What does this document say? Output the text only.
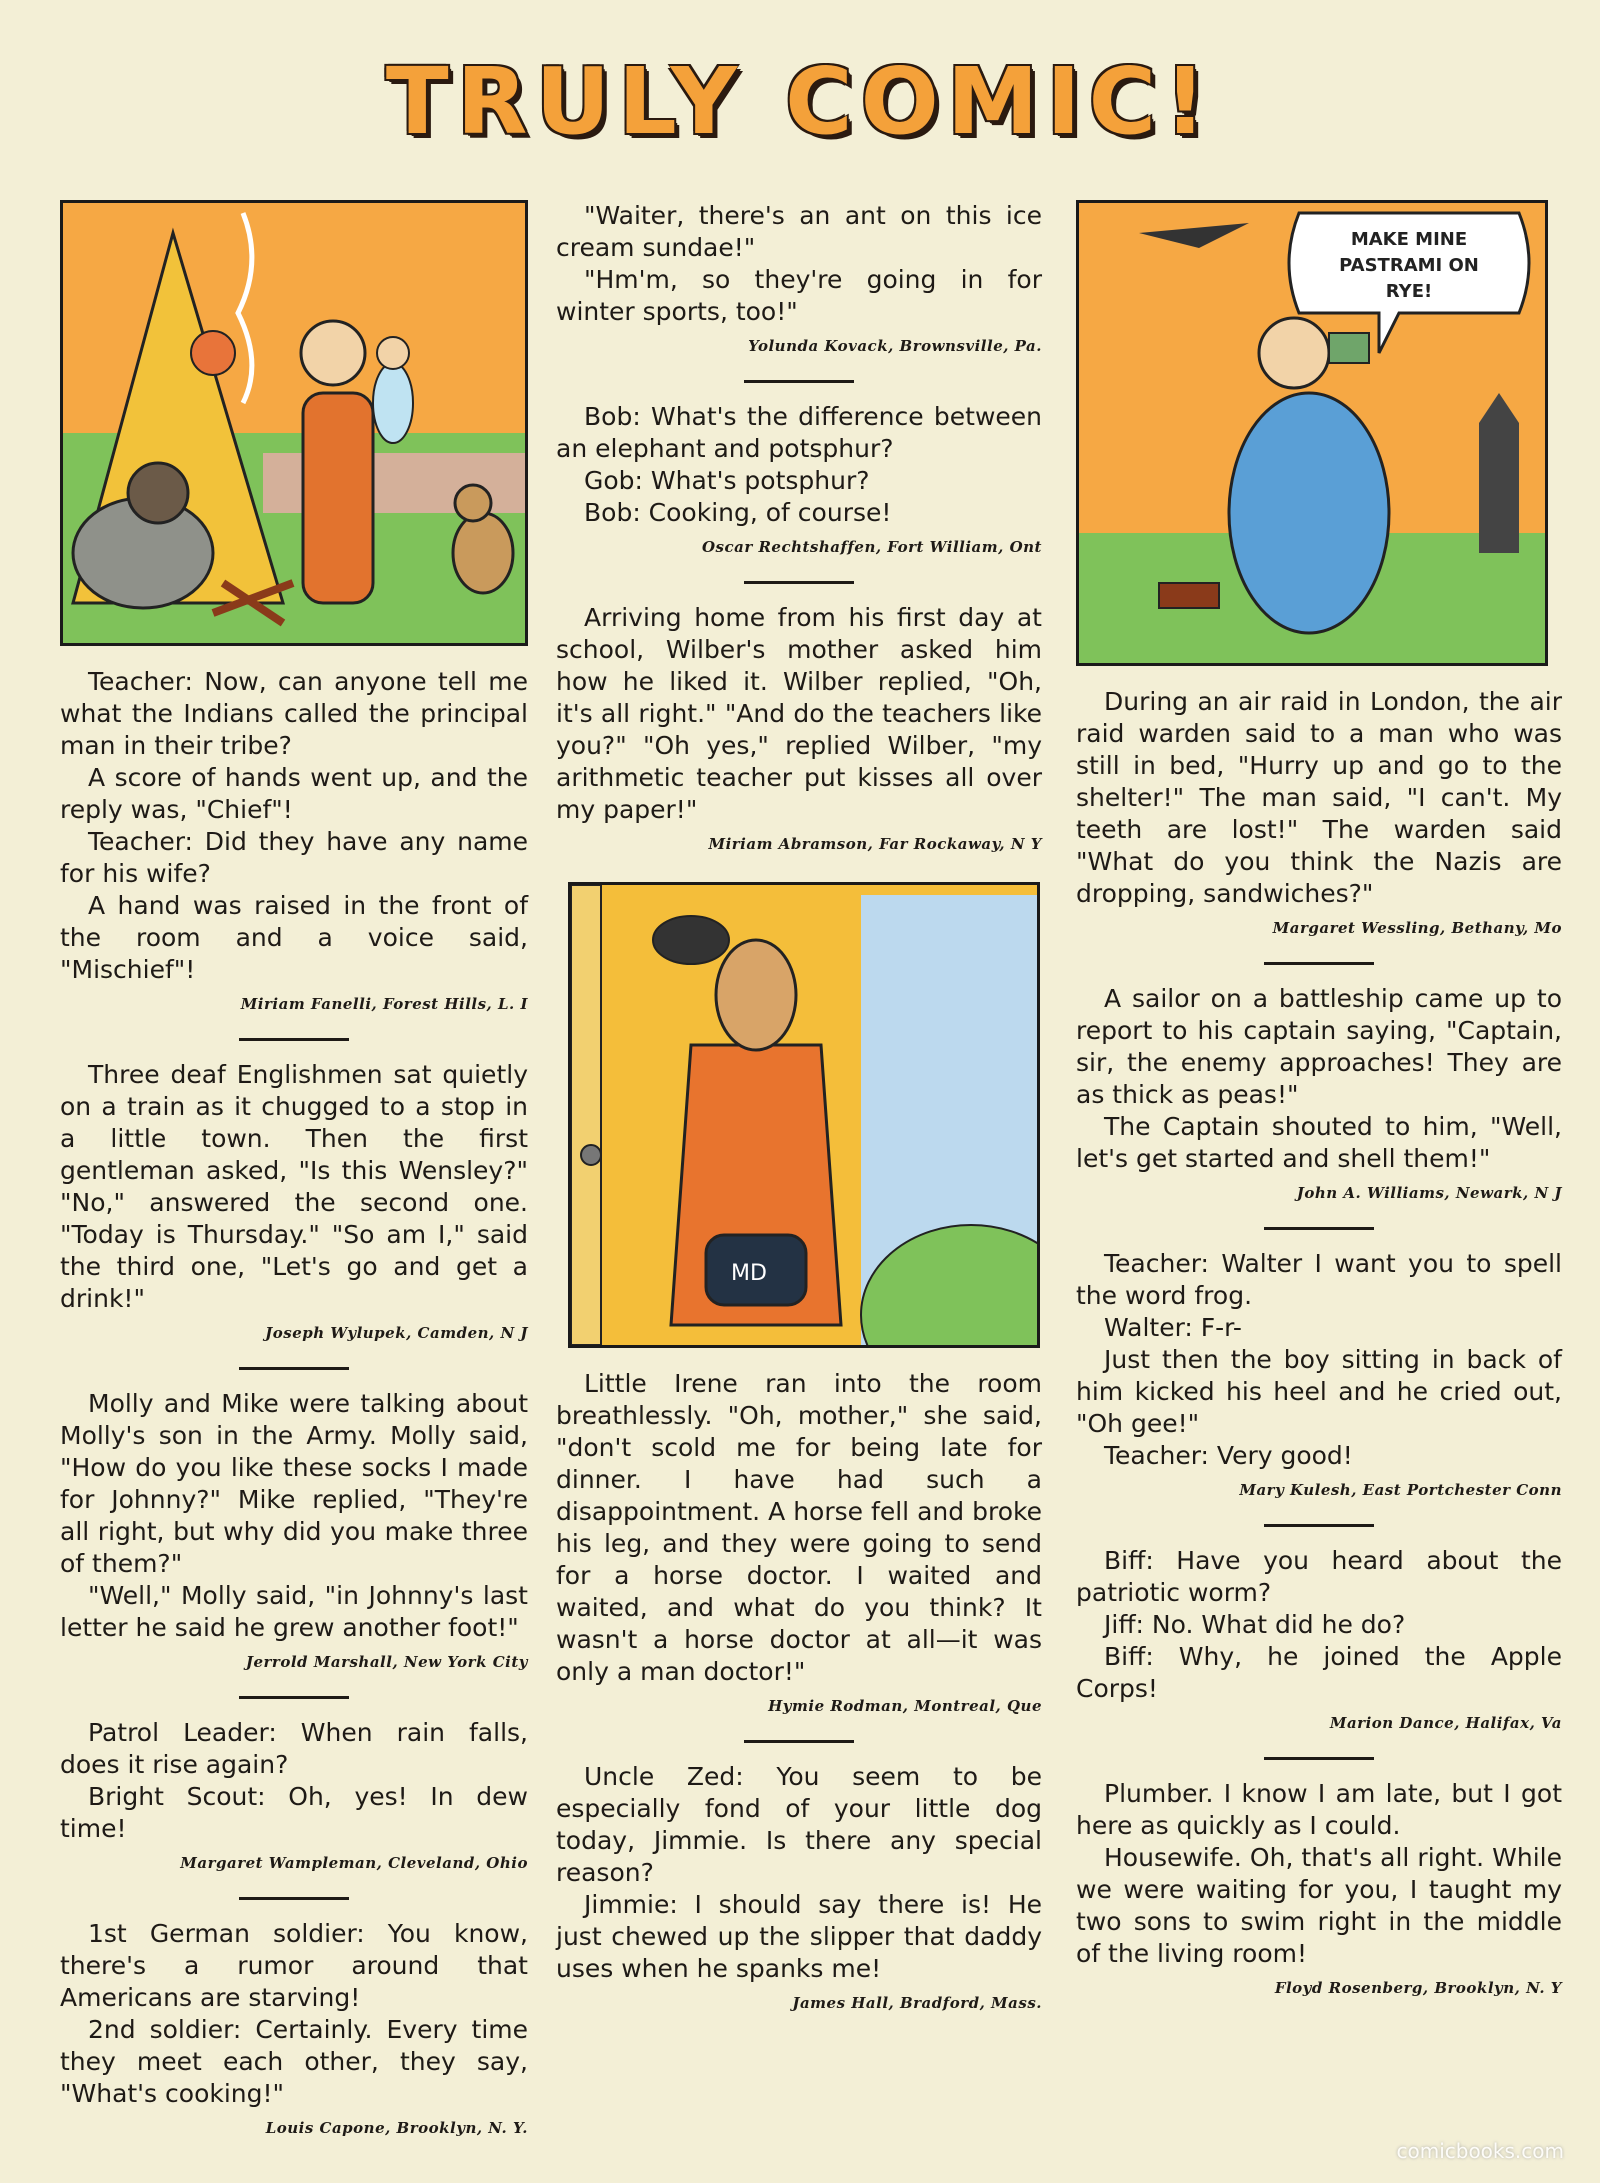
TRULY COMIC!

Teacher: Now, can anyone tell me what the Indians called the principal man in their tribe?

A score of hands went up, and the reply was, "Chief"!

Teacher: Did they have any name for his wife?

A hand was raised in the front of the room and a voice said, "Mischief"!

Miriam Fanelli, Forest Hills, L. I

Three deaf Englishmen sat quietly on a train as it chugged to a stop in a little town. Then the first gentleman asked, "Is this Wensley?" "No," answered the second one. "Today is Thursday." "So am I," said the third one, "Let's go and get a drink!"

Joseph Wylupek, Camden, N J

Molly and Mike were talking about Molly's son in the Army. Molly said, "How do you like these socks I made for Johnny?" Mike replied, "They're all right, but why did you make three of them?"

"Well," Molly said, "in Johnny's last letter he said he grew another foot!"

Jerrold Marshall, New York City

Patrol Leader: When rain falls, does it rise again?

Bright Scout: Oh, yes! In dew time!

Margaret Wampleman, Cleveland, Ohio

1st German soldier: You know, there's a rumor around that Americans are starving!

2nd soldier: Certainly. Every time they meet each other, they say, "What's cooking!"

Louis Capone, Brooklyn, N. Y.

"Waiter, there's an ant on this ice cream sundae!"

"Hm'm, so they're going in for winter sports, too!"

Yolunda Kovack, Brownsville, Pa.

Bob: What's the difference between an elephant and potsphur?

Gob: What's potsphur?

Bob: Cooking, of course!

Oscar Rechtshaffen, Fort William, Ont

Arriving home from his first day at school, Wilber's mother asked him how he liked it. Wilber replied, "Oh, it's all right." "And do the teachers like you?" "Oh yes," replied Wilber, "my arithmetic teacher put kisses all over my paper!"

Miriam Abramson, Far Rockaway, N Y
MD

Little Irene ran into the room breathlessly. "Oh, mother," she said, "don't scold me for being late for dinner. I have had such a disappointment. A horse fell and broke his leg, and they were going to send for a horse doctor. I waited and waited, and what do you think? It wasn't a horse doctor at all—it was only a man doctor!"

Hymie Rodman, Montreal, Que

Uncle Zed: You seem to be especially fond of your little dog today, Jimmie. Is there any special reason?

Jimmie: I should say there is! He just chewed up the slipper that daddy uses when he spanks me!

James Hall, Bradford, Mass.
MAKE MINE
PASTRAMI ON
RYE!

During an air raid in London, the air raid warden said to a man who was still in bed, "Hurry up and go to the shelter!" The man said, "I can't. My teeth are lost!" The warden said "What do you think the Nazis are dropping, sandwiches?"

Margaret Wessling, Bethany, Mo

A sailor on a battleship came up to report to his captain saying, "Captain, sir, the enemy approaches! They are as thick as peas!"

The Captain shouted to him, "Well, let's get started and shell them!"

John A. Williams, Newark, N J

Teacher: Walter I want you to spell the word frog.

Walter: F-r-

Just then the boy sitting in back of him kicked his heel and he cried out, "Oh gee!"

Teacher: Very good!

Mary Kulesh, East Portchester Conn

Biff: Have you heard about the patriotic worm?

Jiff: No. What did he do?

Biff: Why, he joined the Apple Corps!

Marion Dance, Halifax, Va

Plumber. I know I am late, but I got here as quickly as I could.

Housewife. Oh, that's all right. While we were waiting for you, I taught my two sons to swim right in the middle of the living room!

Floyd Rosenberg, Brooklyn, N. Y
comicbooks.com
